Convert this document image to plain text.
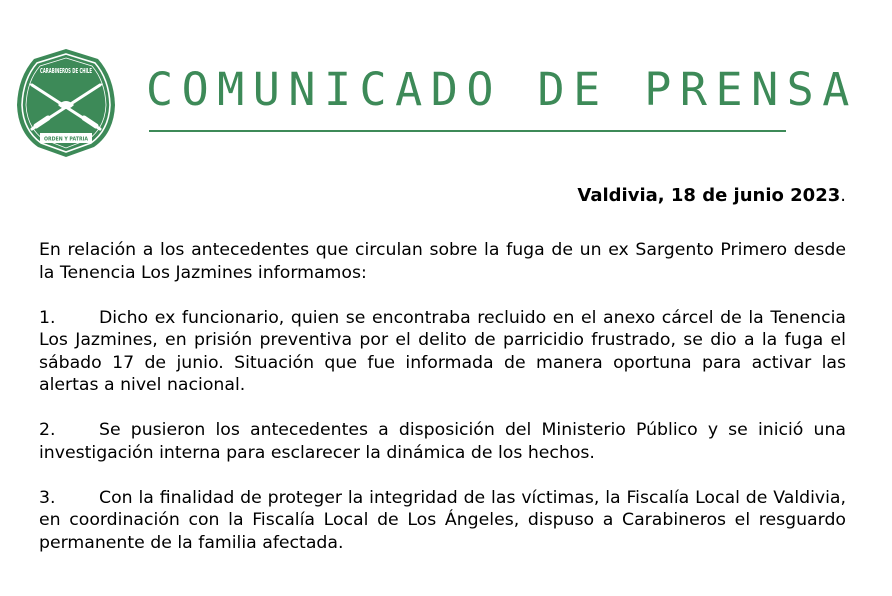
CARABINEROS DE CHILE
ORDEN Y PATRIA
COMUNICADO DE PRENSA
Valdivia, 18 de junio 2023.

En relación a los antecedentes que circulan sobre la fuga de un ex Sargento Primero desde la Tenencia Los Jazmines informamos:

1.	Dicho ex funcionario, quien se encontraba recluido en el anexo cárcel de la Tenencia Los Jazmines, en prisión preventiva por el delito de parricidio frustrado, se dio a la fuga el sábado 17 de junio. Situación que fue informada de manera oportuna para activar las alertas a nivel nacional.

2.	Se pusieron los antecedentes a disposición del Ministerio Público y se inició una investigación interna para esclarecer la dinámica de los hechos.

3.	Con la finalidad de proteger la integridad de las víctimas, la Fiscalía Local de Valdivia, en coordinación con la Fiscalía Local de Los Ángeles, dispuso a Carabineros el resguardo permanente de la familia afectada.
